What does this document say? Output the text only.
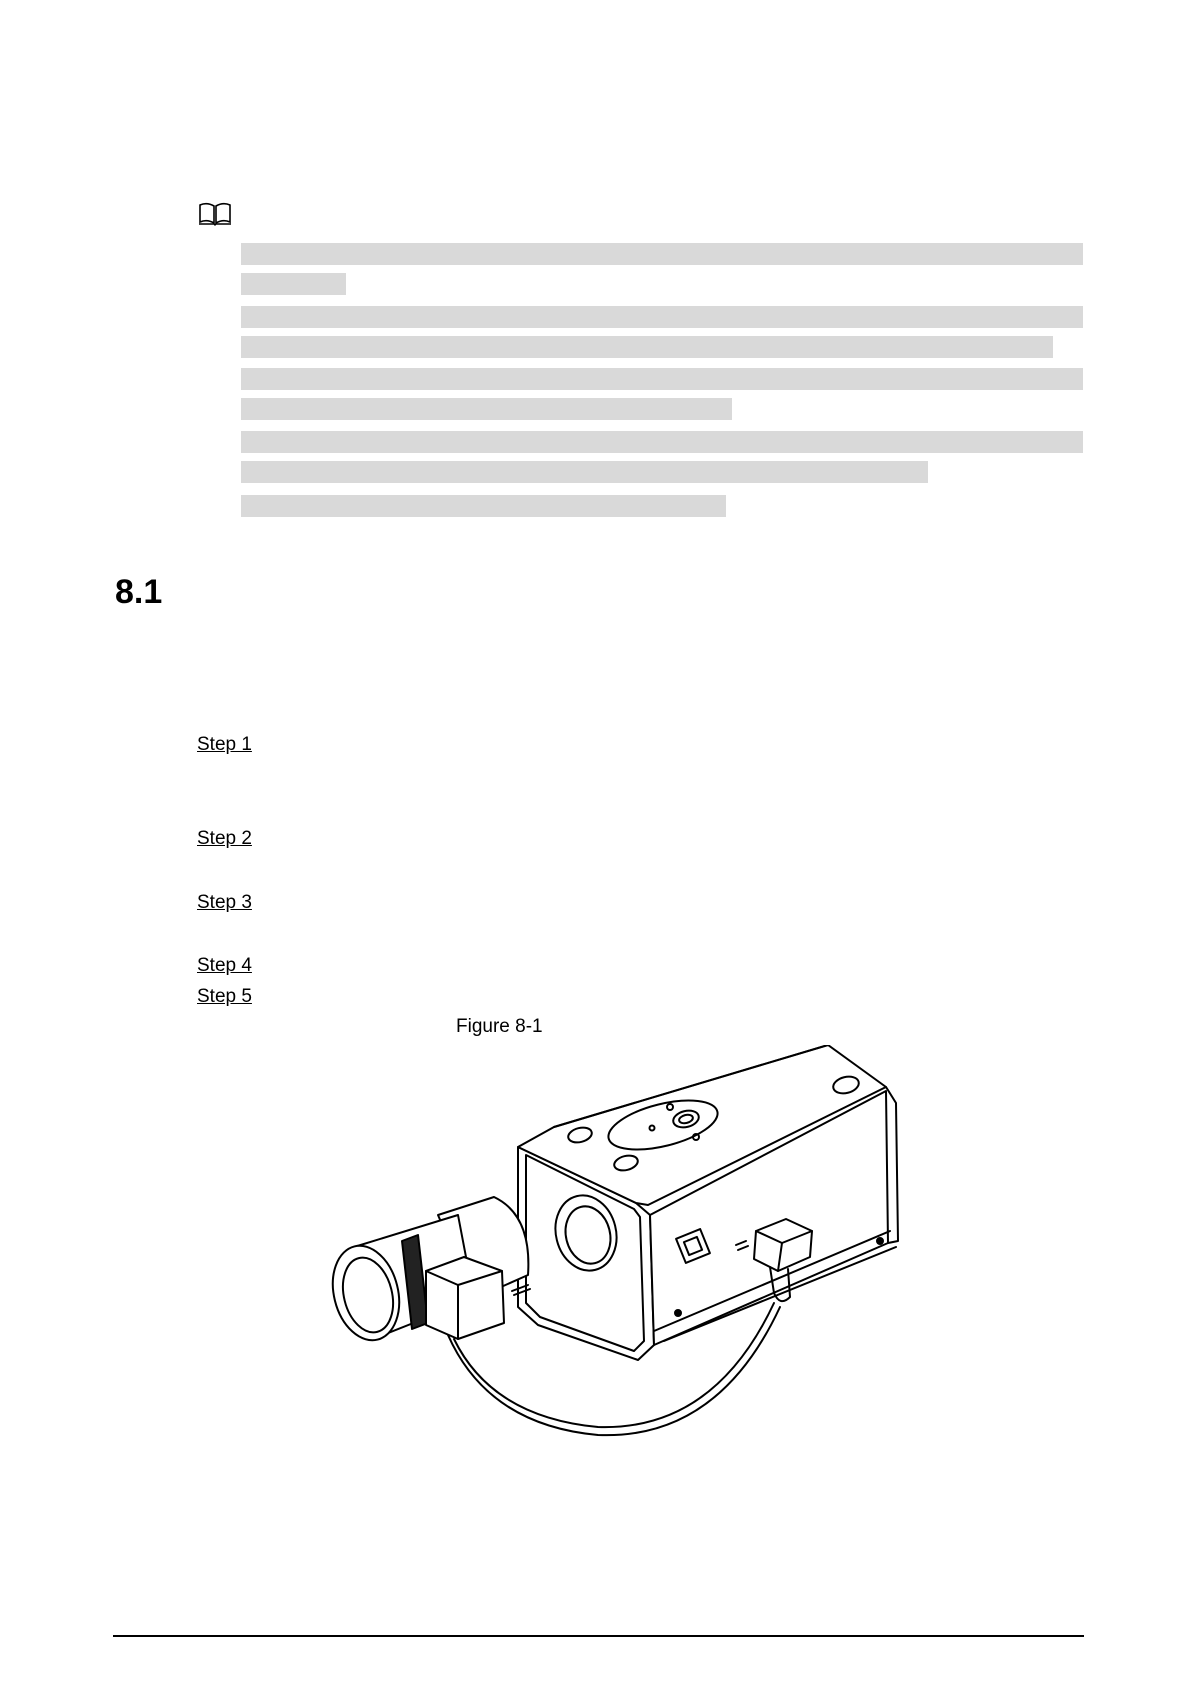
8.1
Step 1
Step 2
Step 3
Step 4
Step 5
Figure 8-1
